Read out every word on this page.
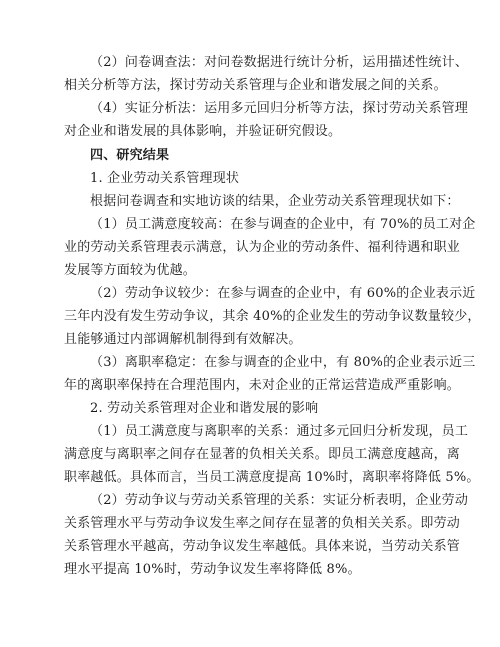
（2）问卷调查法：对问卷数据进行统计分析，运用描述性统计、
相关分析等方法，探讨劳动关系管理与企业和谐发展之间的关系。
（4）实证分析法：运用多元回归分析等方法，探讨劳动关系管理
对企业和谐发展的具体影响，并验证研究假设。
四、研究结果
1. 企业劳动关系管理现状
根据问卷调查和实地访谈的结果，企业劳动关系管理现状如下：
（1）员工满意度较高：在参与调查的企业中，有 70%的员工对企
业的劳动关系管理表示满意，认为企业的劳动条件、福利待遇和职业
发展等方面较为优越。
（2）劳动争议较少：在参与调查的企业中，有 60%的企业表示近
三年内没有发生劳动争议，其余 40%的企业发生的劳动争议数量较少，
且能够通过内部调解机制得到有效解决。
（3）离职率稳定：在参与调查的企业中，有 80%的企业表示近三
年的离职率保持在合理范围内，未对企业的正常运营造成严重影响。
2. 劳动关系管理对企业和谐发展的影响
（1）员工满意度与离职率的关系：通过多元回归分析发现，员工
满意度与离职率之间存在显著的负相关关系。即员工满意度越高，离
职率越低。具体而言，当员工满意度提高 10%时，离职率将降低 5%。
（2）劳动争议与劳动关系管理的关系：实证分析表明，企业劳动
关系管理水平与劳动争议发生率之间存在显著的负相关关系。即劳动
关系管理水平越高，劳动争议发生率越低。具体来说，当劳动关系管
理水平提高 10%时，劳动争议发生率将降低 8%。
